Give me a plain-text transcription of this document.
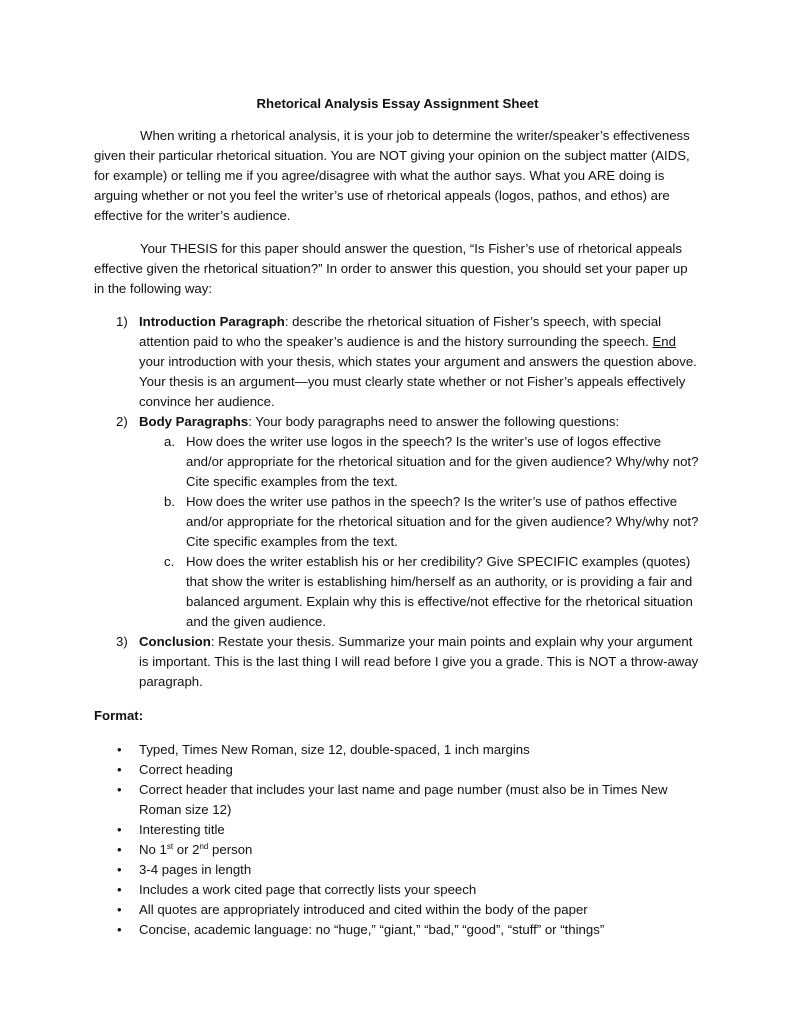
Rhetorical Analysis Essay Assignment Sheet

When writing a rhetorical analysis, it is your job to determine the writer/speaker’s effectiveness given their particular rhetorical situation. You are NOT giving your opinion on the subject matter (AIDS, for example) or telling me if you agree/disagree with what the author says. What you ARE doing is arguing whether or not you feel the writer’s use of rhetorical appeals (logos, pathos, and ethos) are effective for the writer’s audience.

Your THESIS for this paper should answer the question, “Is Fisher’s use of rhetorical appeals effective given the rhetorical situation?” In order to answer this question, you should set your paper up in the following way:

1) Introduction Paragraph: describe the rhetorical situation of Fisher’s speech, with special attention paid to who the speaker’s audience is and the history surrounding the speech. End your introduction with your thesis, which states your argument and answers the question above. Your thesis is an argument—you must clearly state whether or not Fisher’s appeals effectively convince her audience.
2) Body Paragraphs: Your body paragraphs need to answer the following questions:
a. How does the writer use logos in the speech? Is the writer’s use of logos effective and/or appropriate for the rhetorical situation and for the given audience? Why/why not? Cite specific examples from the text.
b. How does the writer use pathos in the speech? Is the writer’s use of pathos effective and/or appropriate for the rhetorical situation and for the given audience? Why/why not? Cite specific examples from the text.
c. How does the writer establish his or her credibility? Give SPECIFIC examples (quotes) that show the writer is establishing him/herself as an authority, or is providing a fair and balanced argument. Explain why this is effective/not effective for the rhetorical situation and the given audience.
3) Conclusion: Restate your thesis. Summarize your main points and explain why your argument is important. This is the last thing I will read before I give you a grade. This is NOT a throw-away paragraph.
Format:
• Typed, Times New Roman, size 12, double-spaced, 1 inch margins
• Correct heading
• Correct header that includes your last name and page number (must also be in Times New Roman size 12)
• Interesting title
• No 1st or 2nd person
• 3-4 pages in length
• Includes a work cited page that correctly lists your speech
• All quotes are appropriately introduced and cited within the body of the paper
• Concise, academic language: no “huge,” “giant,” “bad,” “good”, “stuff” or “things”
